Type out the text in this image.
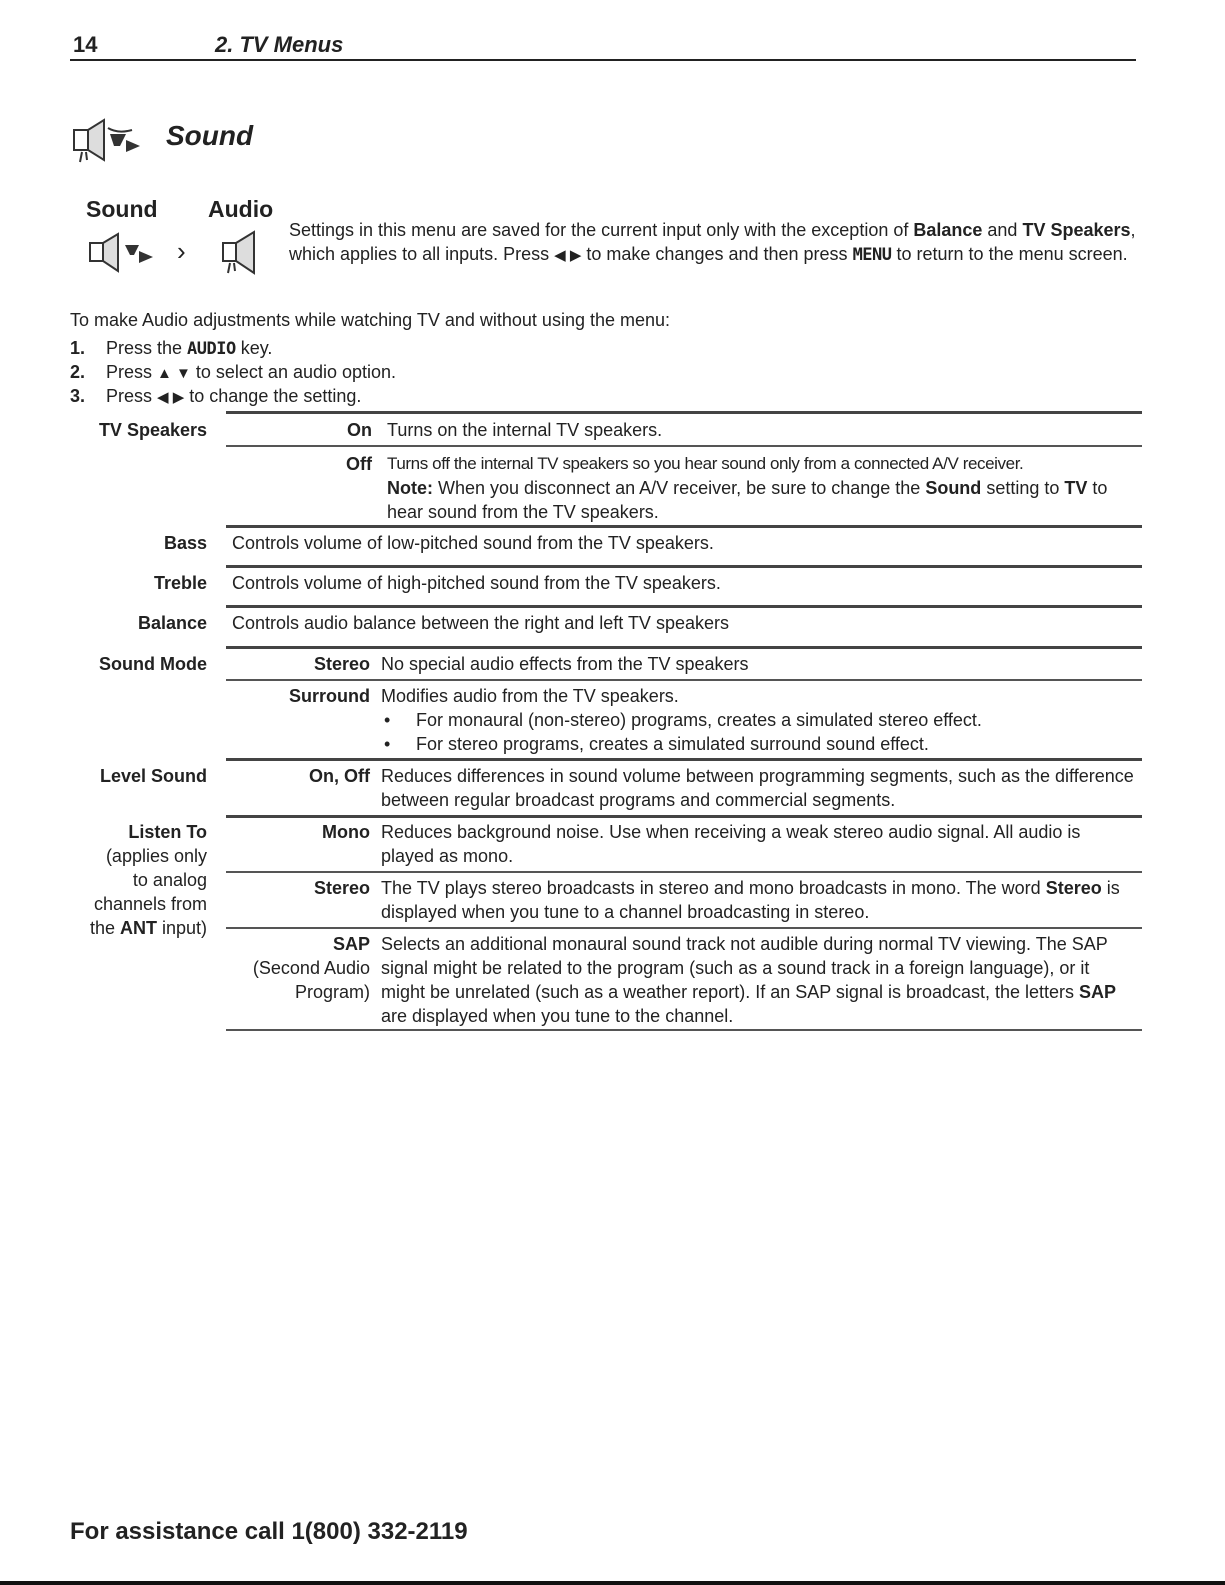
14	2. TV Menus
Sound
Sound Audio
›
Settings in this menu are saved for the current input only with the exception of Balance and TV Speakers, which applies to all inputs. Press ◀ ▶ to make changes and then press MENU to return to the menu screen.
To make Audio adjustments while watching TV and without using the menu:
1. Press the AUDIO key.
2. Press ▲ ▼ to select an audio option.
3. Press ◀ ▶ to change the setting.
TV Speakers	On Turns on the internal TV speakers.
Off Turns off the internal TV speakers so you hear sound only from a connected A/V receiver.
Note: When you disconnect an A/V receiver, be sure to change the Sound setting to TV to hear sound from the TV speakers.
Bass Controls volume of low-pitched sound from the TV speakers.
Treble Controls volume of high-pitched sound from the TV speakers.
Balance Controls audio balance between the right and left TV speakers
Sound Mode	Stereo No special audio effects from the TV speakers
Surround Modifies audio from the TV speakers.
• For monaural (non-stereo) programs, creates a simulated stereo effect.
• For stereo programs, creates a simulated surround sound effect.
Level Sound	On, Off Reduces differences in sound volume between programming segments, such as the difference between regular broadcast programs and commercial segments.
Listen To
(applies only
to analog
channels from
the ANT input)
Mono Reduces background noise. Use when receiving a weak stereo audio signal. All audio is played as mono.
Stereo The TV plays stereo broadcasts in stereo and mono broadcasts in mono. The word Stereo is displayed when you tune to a channel broadcasting in stereo.
SAP
(Second Audio
Program)
Selects an additional monaural sound track not audible during normal TV viewing. The SAP signal might be related to the program (such as a sound track in a foreign language), or it might be unrelated (such as a weather report). If an SAP signal is broadcast, the letters SAP are displayed when you tune to the channel.
For assistance call 1(800) 332-2119
